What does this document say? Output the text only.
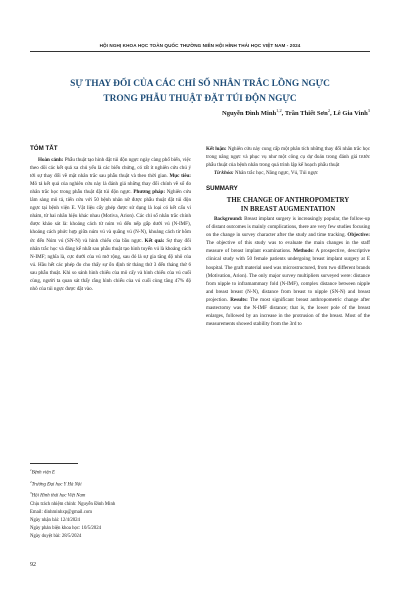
HỘI NGHỊ KHOA HỌC TOÀN QUỐC THƯỜNG NIÊN HỘI HÌNH THÁI HỌC VIỆT NAM - 2024
SỰ THAY ĐỔI CỦA CÁC CHỈ SỐ NHÂN TRẮC LỒNG NGỰC
TRONG PHẪU THUẬT ĐẶT TÚI ĐỘN NGỰC
Nguyễn Đình Minh$^{1,2}$, Trần Thiết Sơn$^2$, Lê Gia Vinh$^3$
TÓM TẮT

Hoàn cảnh: Phẫu thuật tạo hình đặt túi độn ngực ngày càng phổ biến, việc theo dõi các kết quả xa chủ yếu là các biến chứng, có rất ít nghiên cứu chú ý tới sự thay đổi về mặt nhân trắc sau phẫu thuật và theo thời gian. Mục tiêu: Mô tả kết quả của nghiên cứu này là đánh giá những thay đổi chính về số đo nhân trắc học trong phẫu thuật đặt túi độn ngực. Phương pháp: Nghiên cứu lâm sàng mô tả, tiến cứu với 50 bệnh nhân nữ được phẫu thuật đặt túi độn ngực tại bệnh viện E. Vật liệu cấy ghép được sử dụng là loại có kết cấu vi nhám, từ hai nhãn hiệu khác nhau (Motiva, Arion). Các chỉ số nhân trắc chính được khảo sát là: khoảng cách từ núm vú đến nếp gấp dưới vú (N-IMF), khoảng cách phức hợp giữa núm vú và quầng vú (N-N), khoảng cách từ hõm ức đến Núm vú (SN-N) và hình chiếu của bầu ngực. Kết quả: Sự thay đổi nhân trắc học và đáng kể nhất sau phẫu thuật tạo hình tuyến vú là khoảng cách N-IMF; nghĩa là, cực dưới của vú mở rộng, sau đó là sự gia tăng độ nhô của vú. Hầu hết các phép đo cho thấy sự ổn định từ tháng thứ 3 đến tháng thứ 6 sau phẫu thuật. Khi so sánh hình chiếu của mô cấy và hình chiếu của vú cuối cùng, người ta quan sát thấy rằng hình chiếu của vú cuối cùng tăng 47% độ nhô của túi ngực được đặt vào.

$^1$Bệnh viện E
$^2$Trường Đại học Y Hà Nội
$^3$Hội Hình thái học Việt Nam
Chịu trách nhiệm chính: Nguyễn Đình Minh
Email: dinhminhxp@gmail.com
Ngày nhận bài: 12/4/2024
Ngày phản biện khoa học: 10/5/2024
Ngày duyệt bài: 28/5/2024
92

Kết luận: Nghiên cứu này cung cấp một phân tích những thay đổi nhân trắc học trong nâng ngực và phục vụ như một công cụ dự đoán trong đánh giá trước phẫu thuật của bệnh nhân trong quá trình lập kế hoạch phẫu thuật

Từ khóa: Nhân trắc học, Nâng ngực, Vú, Túi ngực

SUMMARY
THE CHANGE OF ANTHROPOMETRY
IN BREAST AUGMENTATION

Background: Breast implant surgery is increasingly popular, the follow-up of distant outcomes is mainly complications, there are very few studies focusing on the change in survey character after the study and time tracking. Objective: The objective of this study was to evaluate the main changes in the staff measure of breast implant examinations. Methods: A prospective, descriptive clinical study with 50 female patients undergoing breast implant surgery at E hospital. The graft material used was microstructured, from two different brands (Motivation, Arion). The only major survey multipliers surveyed were: distance from nipple to inframammary fold (N-IMF), complex distance between nipple and breast breast (N-N), distance from breast to nipple (SN-N) and breast projection. Results: The most significant breast anthropometric change after mastectomy was the N-IMF distance; that is, the lower pole of the breast enlarges, followed by an increase in the protrusion of the breast. Most of the measurements showed stability from the 3rd to
